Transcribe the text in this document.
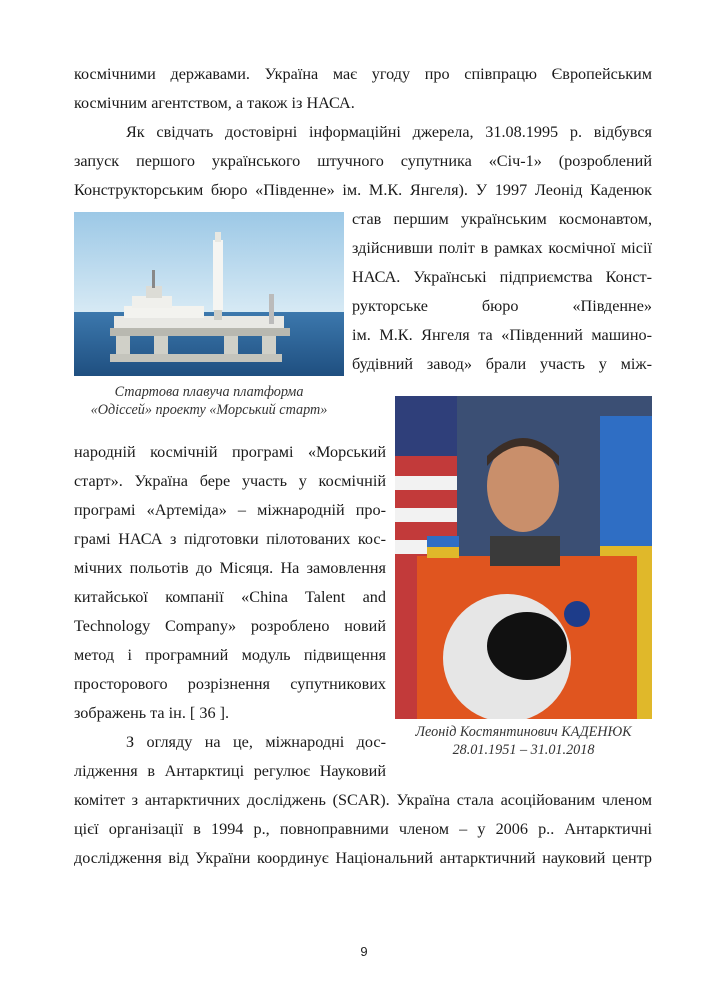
космічними державами. Україна має угоду про співпрацю Європейським
космічним агентством, а також із НАСА.
Як свідчать достовірні інформаційні джерела, 31.08.1995 р. відбувся
запуск першого українського штучного супутника «Січ-1» (розроблений
Конструкторським бюро «Південне» ім. М.К. Янгеля). У 1997 Леонід Каденюк
став першим українським космонавтом,
здійснивши політ в рамках космічної місії
НАСА. Українські підприємства Конст-
рукторське бюро «Південне»
ім. М.К. Янгеля та «Південний машино-
будівний завод» брали участь у між-
народній космічній програмі «Морський
старт». Україна бере участь у космічній
програмі «Артеміда» – міжнародній про-
грамі НАСА з підготовки пілотованих кос-
мічних польотів до Місяця. На замовлення
китайської компанії «China Talent and
Technology Company» розроблено новий
метод і програмний модуль підвищення
просторового розрізнення супутникових
зображень та ін. [ 36 ].
З огляду на це, міжнародні дос-
лідження в Антарктиці регулює Науковий
комітет з антарктичних досліджень (SCAR). Україна стала асоційованим членом
цієї організації в 1994 р., повноправними членом – у 2006 р.. Антарктичні
дослідження від України координує Національний антарктичний науковий центр
Стартова плавуча платформа
«Одіссей» проекту «Морський старт»
Леонід Костянтинович КАДЕНЮК
28.01.1951 – 31.01.2018
9
